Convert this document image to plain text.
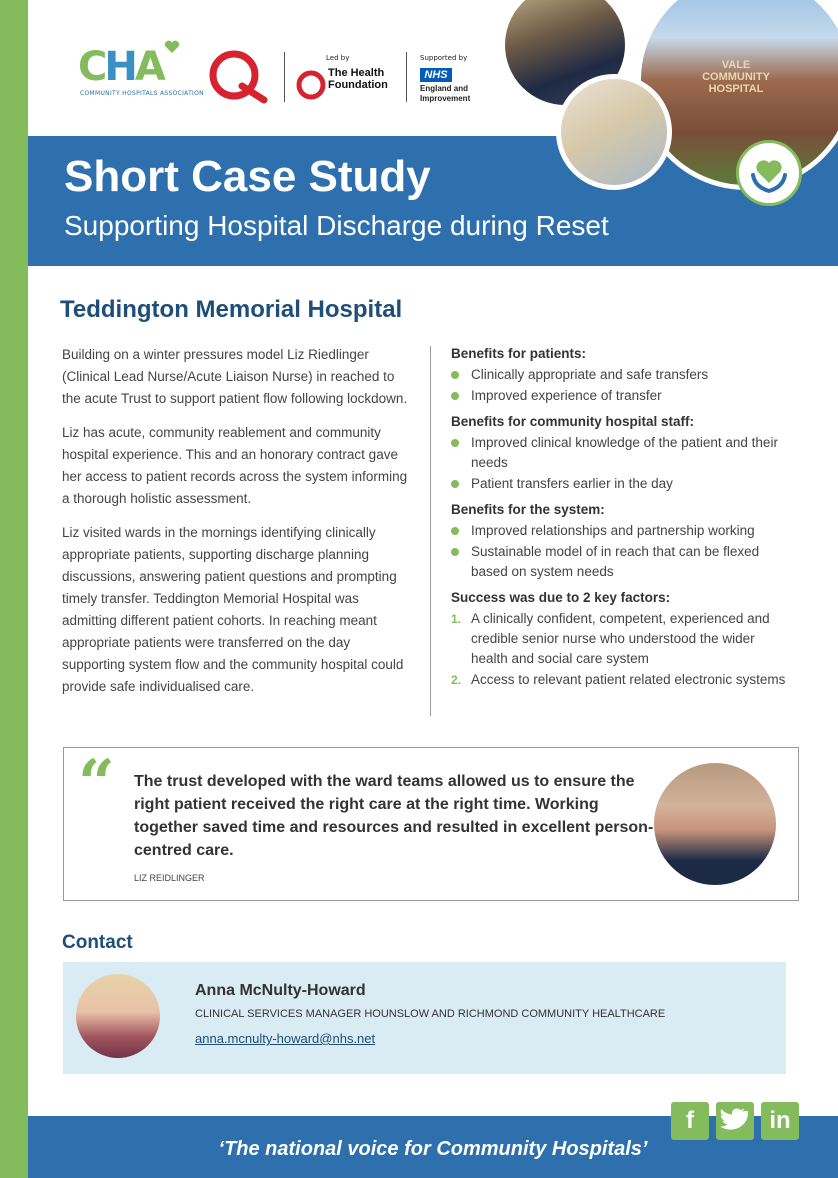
CHA
COMMUNITY HOSPITALS ASSOCIATION
Led by
The Health Foundation
Supported by
NHS
England and Improvement
Short Case Study
Supporting Hospital Discharge during Reset
VALE COMMUNITY HOSPITAL
Teddington Memorial Hospital

Building on a winter pressures model Liz Riedlinger (Clinical Lead Nurse/Acute Liaison Nurse) in reached to the acute Trust to support patient flow following lockdown.

Liz has acute, community reablement and community hospital experience. This and an honorary contract gave her access to patient records across the system informing a thorough holistic assessment.

Liz visited wards in the mornings identifying clinically appropriate patients, supporting discharge planning discussions, answering patient questions and prompting timely transfer. Teddington Memorial Hospital was admitting different patient cohorts. In reaching meant appropriate patients were transferred on the day supporting system flow and the community hospital could provide safe individualised care.

Benefits for patients:
Clinically appropriate and safe transfers
Improved experience of transfer
Benefits for community hospital staff:
Improved clinical knowledge of the patient and their needs
Patient transfers earlier in the day
Benefits for the system:
Improved relationships and partnership working
Sustainable model of in reach that can be flexed based on system needs
Success was due to 2 key factors:
1. A clinically confident, competent, experienced and credible senior nurse who understood the wider health and social care system
2. Access to relevant patient related electronic systems
“ The trust developed with the ward teams allowed us to ensure the right patient received the right care at the right time. Working together saved time and resources and resulted in excellent person-centred care.
LIZ REIDLINGER
Contact
Anna McNulty-Howard
CLINICAL SERVICES MANAGER HOUNSLOW AND RICHMOND COMMUNITY HEALTHCARE
anna.mcnulty-howard@nhs.net
‘The national voice for Community Hospitals’
f	in
